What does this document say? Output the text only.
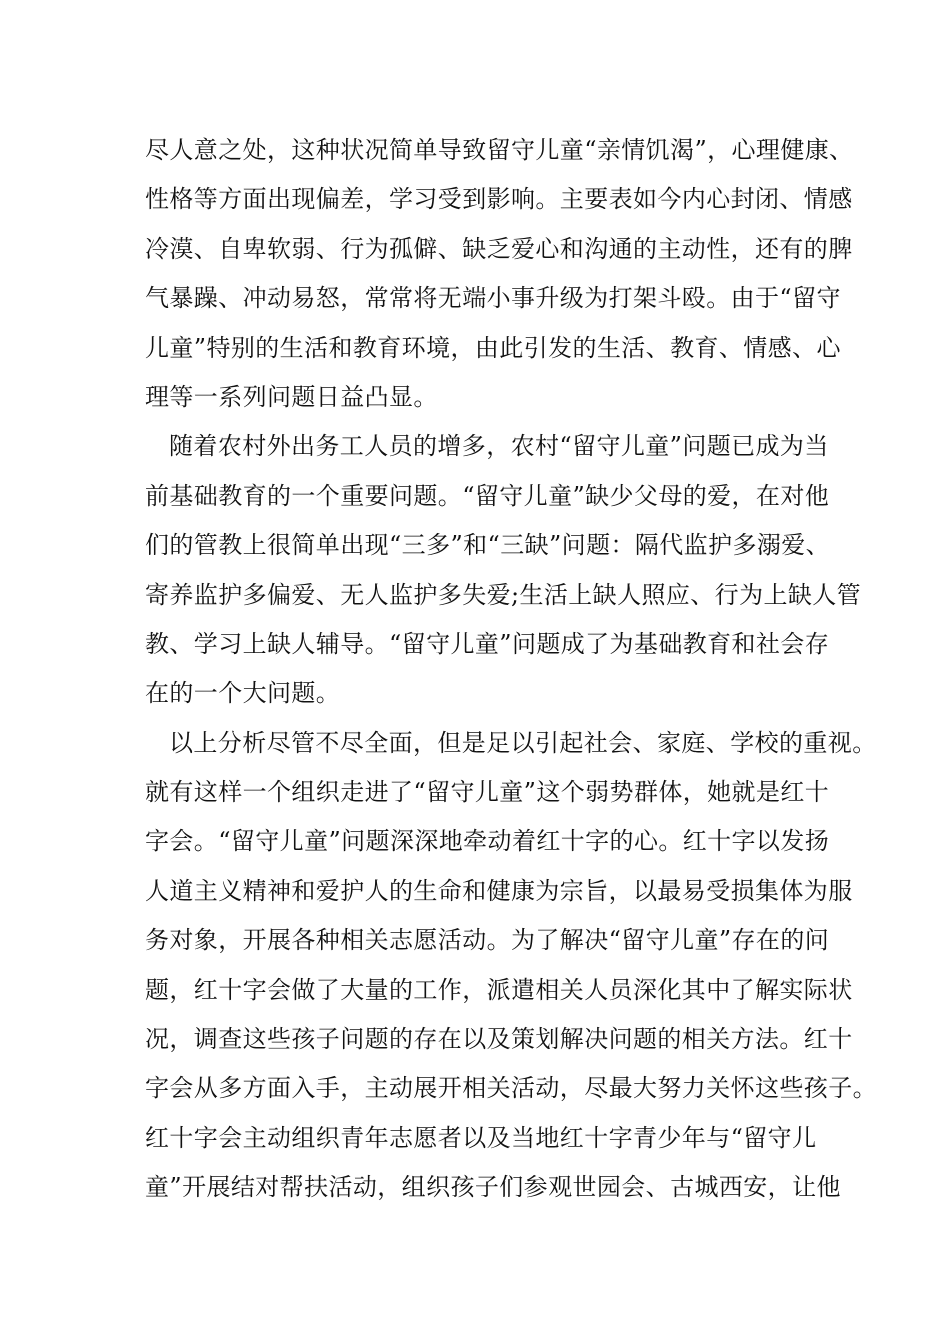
尽人意之处，这种状况简单导致留守儿童“亲情饥渴”，心理健康、
性格等方面出现偏差，学习受到影响。主要表如今内心封闭、情感
冷漠、自卑软弱、行为孤僻、缺乏爱心和沟通的主动性，还有的脾
气暴躁、冲动易怒，常常将无端小事升级为打架斗殴。由于“留守
儿童”特别的生活和教育环境，由此引发的生活、教育、情感、心
理等一系列问题日益凸显。
随着农村外出务工人员的增多，农村“留守儿童”问题已成为当
前基础教育的一个重要问题。“留守儿童”缺少父母的爱，在对他
们的管教上很简单出现“三多”和“三缺”问题：隔代监护多溺爱、
寄养监护多偏爱、无人监护多失爱;生活上缺人照应、行为上缺人管
教、学习上缺人辅导。“留守儿童”问题成了为基础教育和社会存
在的一个大问题。
以上分析尽管不尽全面，但是足以引起社会、家庭、学校的重视。
就有这样一个组织走进了“留守儿童”这个弱势群体，她就是红十
字会。“留守儿童”问题深深地牵动着红十字的心。红十字以发扬
人道主义精神和爱护人的生命和健康为宗旨，以最易受损集体为服
务对象，开展各种相关志愿活动。为了解决“留守儿童”存在的问
题，红十字会做了大量的工作，派遣相关人员深化其中了解实际状
况，调查这些孩子问题的存在以及策划解决问题的相关方法。红十
字会从多方面入手，主动展开相关活动，尽最大努力关怀这些孩子。
红十字会主动组织青年志愿者以及当地红十字青少年与“留守儿
童”开展结对帮扶活动，组织孩子们参观世园会、古城西安，让他
